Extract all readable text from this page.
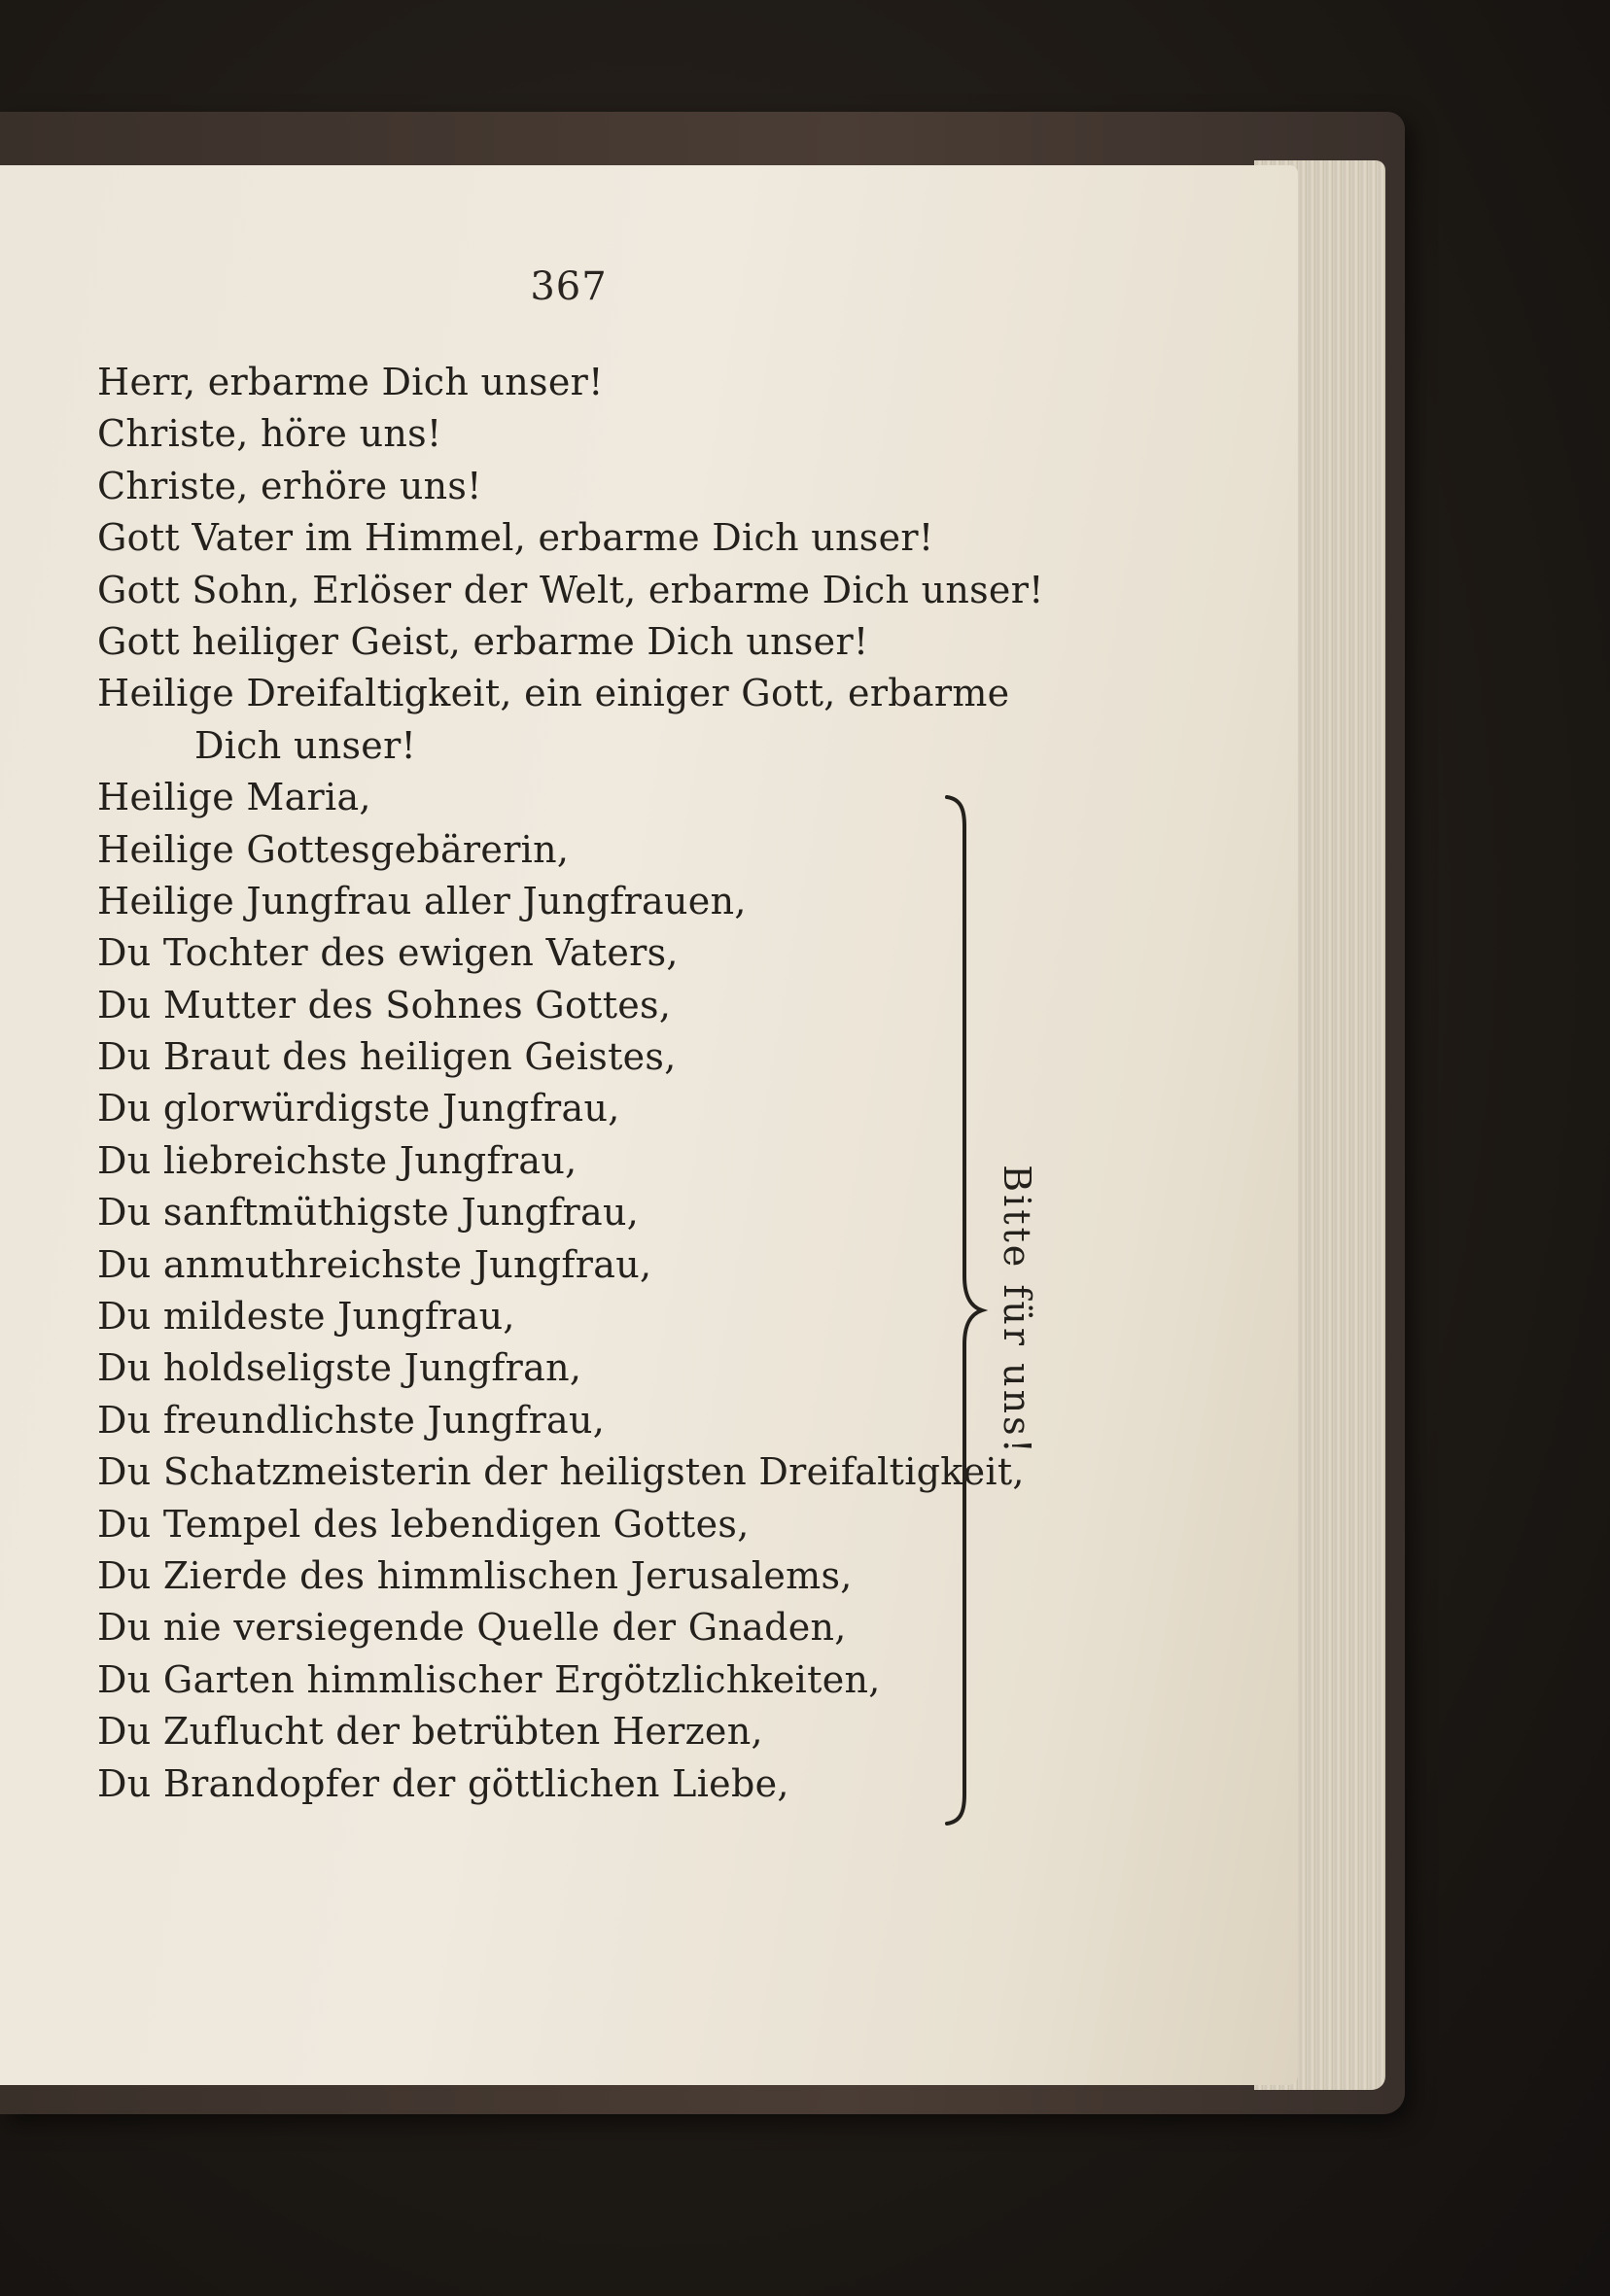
367
Herr, erbarme Dich unser!
Christe, höre uns!
Christe, erhöre uns!
Gott Vater im Himmel, erbarme Dich unser!
Gott Sohn, Erlöser der Welt, erbarme Dich unser!
Gott heiliger Geist, erbarme Dich unser!
Heilige Dreifaltigkeit, ein einiger Gott, erbarme
Dich unser!
Heilige Maria,
Heilige Gottesgebärerin,
Heilige Jungfrau aller Jungfrauen,
Du Tochter des ewigen Vaters,
Du Mutter des Sohnes Gottes,
Du Braut des heiligen Geistes,
Du glorwürdigste Jungfrau,
Du liebreichste Jungfrau,
Du sanftmüthigste Jungfrau,
Du anmuthreichste Jungfrau,
Du mildeste Jungfrau,
Du holdseligste Jungfran,
Du freundlichste Jungfrau,
Du Schatzmeisterin der heiligsten Dreifaltigkeit,
Du Tempel des lebendigen Gottes,
Du Zierde des himmlischen Jerusalems,
Du nie versiegende Quelle der Gnaden,
Du Garten himmlischer Ergötzlichkeiten,
Du Zuflucht der betrübten Herzen,
Du Brandopfer der göttlichen Liebe,
Bitte für uns!
